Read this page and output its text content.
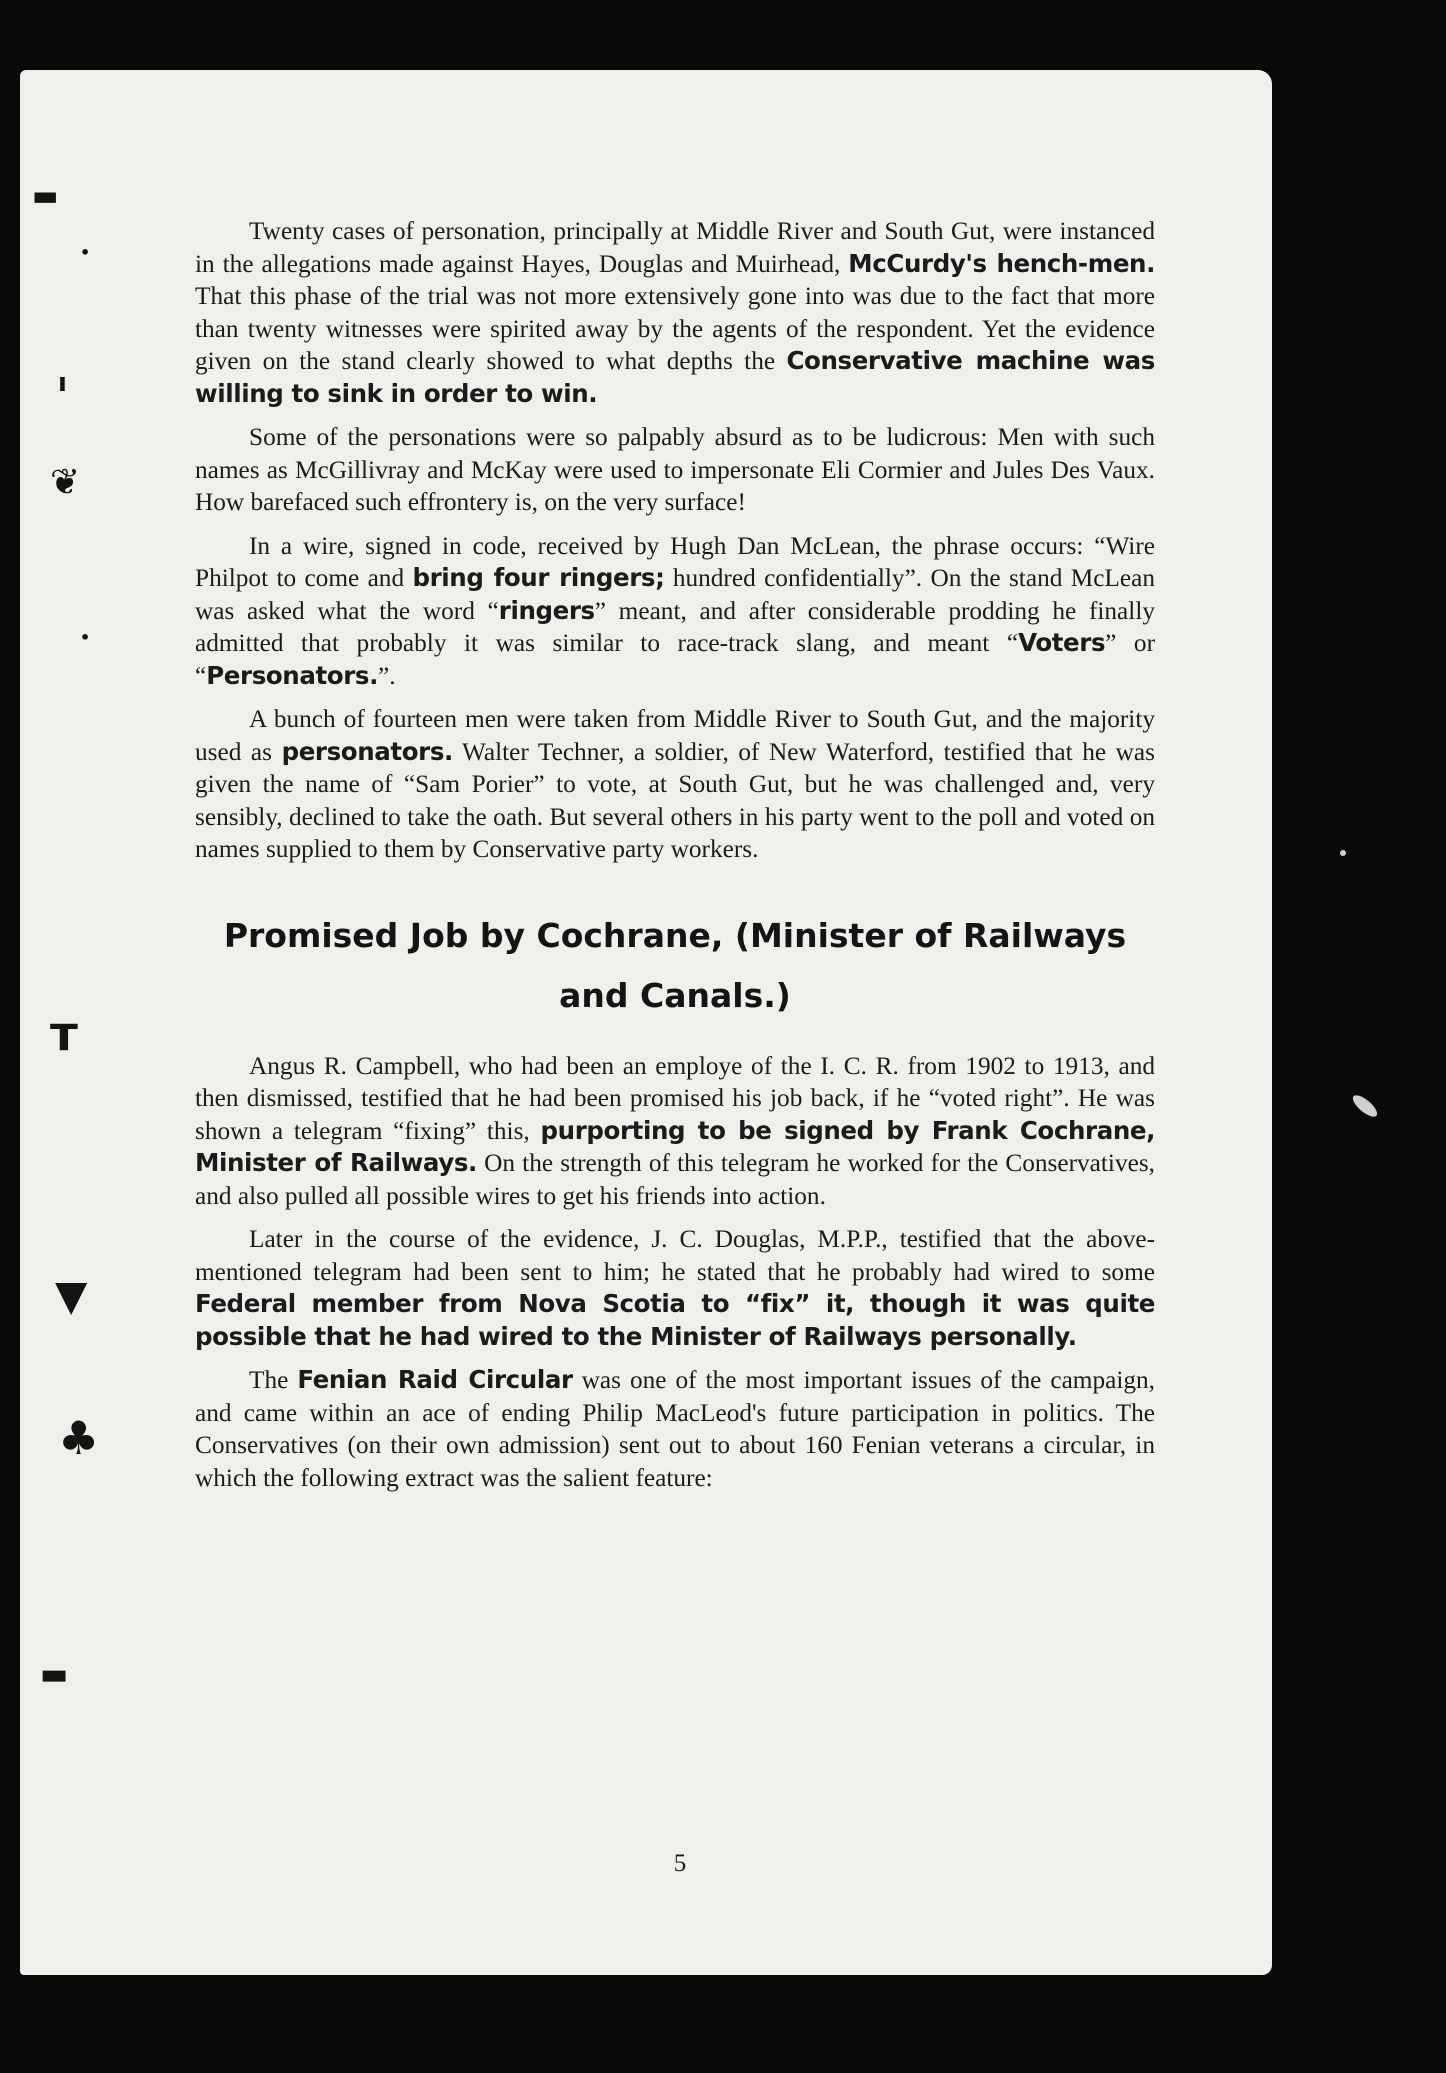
▬
•
❦
ı
•
ᴛ
▼
♣
▬

Twenty cases of personation, principally at Middle River and South Gut, were instanced in the allegations made against Hayes, Douglas and Muirhead, McCurdy's hench-men. That this phase of the trial was not more extensively gone into was due to the fact that more than twenty witnesses were spirited away by the agents of the respondent. Yet the evidence given on the stand clearly showed to what depths the Conservative machine was willing to sink in order to win.

Some of the personations were so palpably absurd as to be ludicrous: Men with such names as McGillivray and McKay were used to impersonate Eli Cormier and Jules Des Vaux. How barefaced such effrontery is, on the very surface!

In a wire, signed in code, received by Hugh Dan McLean, the phrase occurs: “Wire Philpot to come and bring four ringers; hundred confidentially”. On the stand McLean was asked what the word “ringers” meant, and after considerable prodding he finally admitted that probably it was similar to race-track slang, and meant “Voters” or “Personators.”.

A bunch of fourteen men were taken from Middle River to South Gut, and the majority used as personators. Walter Techner, a soldier, of New Waterford, testified that he was given the name of “Sam Porier” to vote, at South Gut, but he was challenged and, very sensibly, declined to take the oath. But several others in his party went to the poll and voted on names supplied to them by Conservative party workers.

Promised Job by Cochrane, (Minister of Railways
and Canals.)

Angus R. Campbell, who had been an employe of the I. C. R. from 1902 to 1913, and then dismissed, testified that he had been promised his job back, if he “voted right”. He was shown a telegram “fixing” this, purporting to be signed by Frank Cochrane, Minister of Railways. On the strength of this telegram he worked for the Conservatives, and also pulled all possible wires to get his friends into action.

Later in the course of the evidence, J. C. Douglas, M.P.P., testified that the above-mentioned telegram had been sent to him; he stated that he probably had wired to some Federal member from Nova Scotia to “fix” it, though it was quite possible that he had wired to the Minister of Railways personally.

The Fenian Raid Circular was one of the most important issues of the campaign, and came within an ace of ending Philip MacLeod's future participation in politics. The Conservatives (on their own admission) sent out to about 160 Fenian veterans a circular, in which the following extract was the salient feature:

5
